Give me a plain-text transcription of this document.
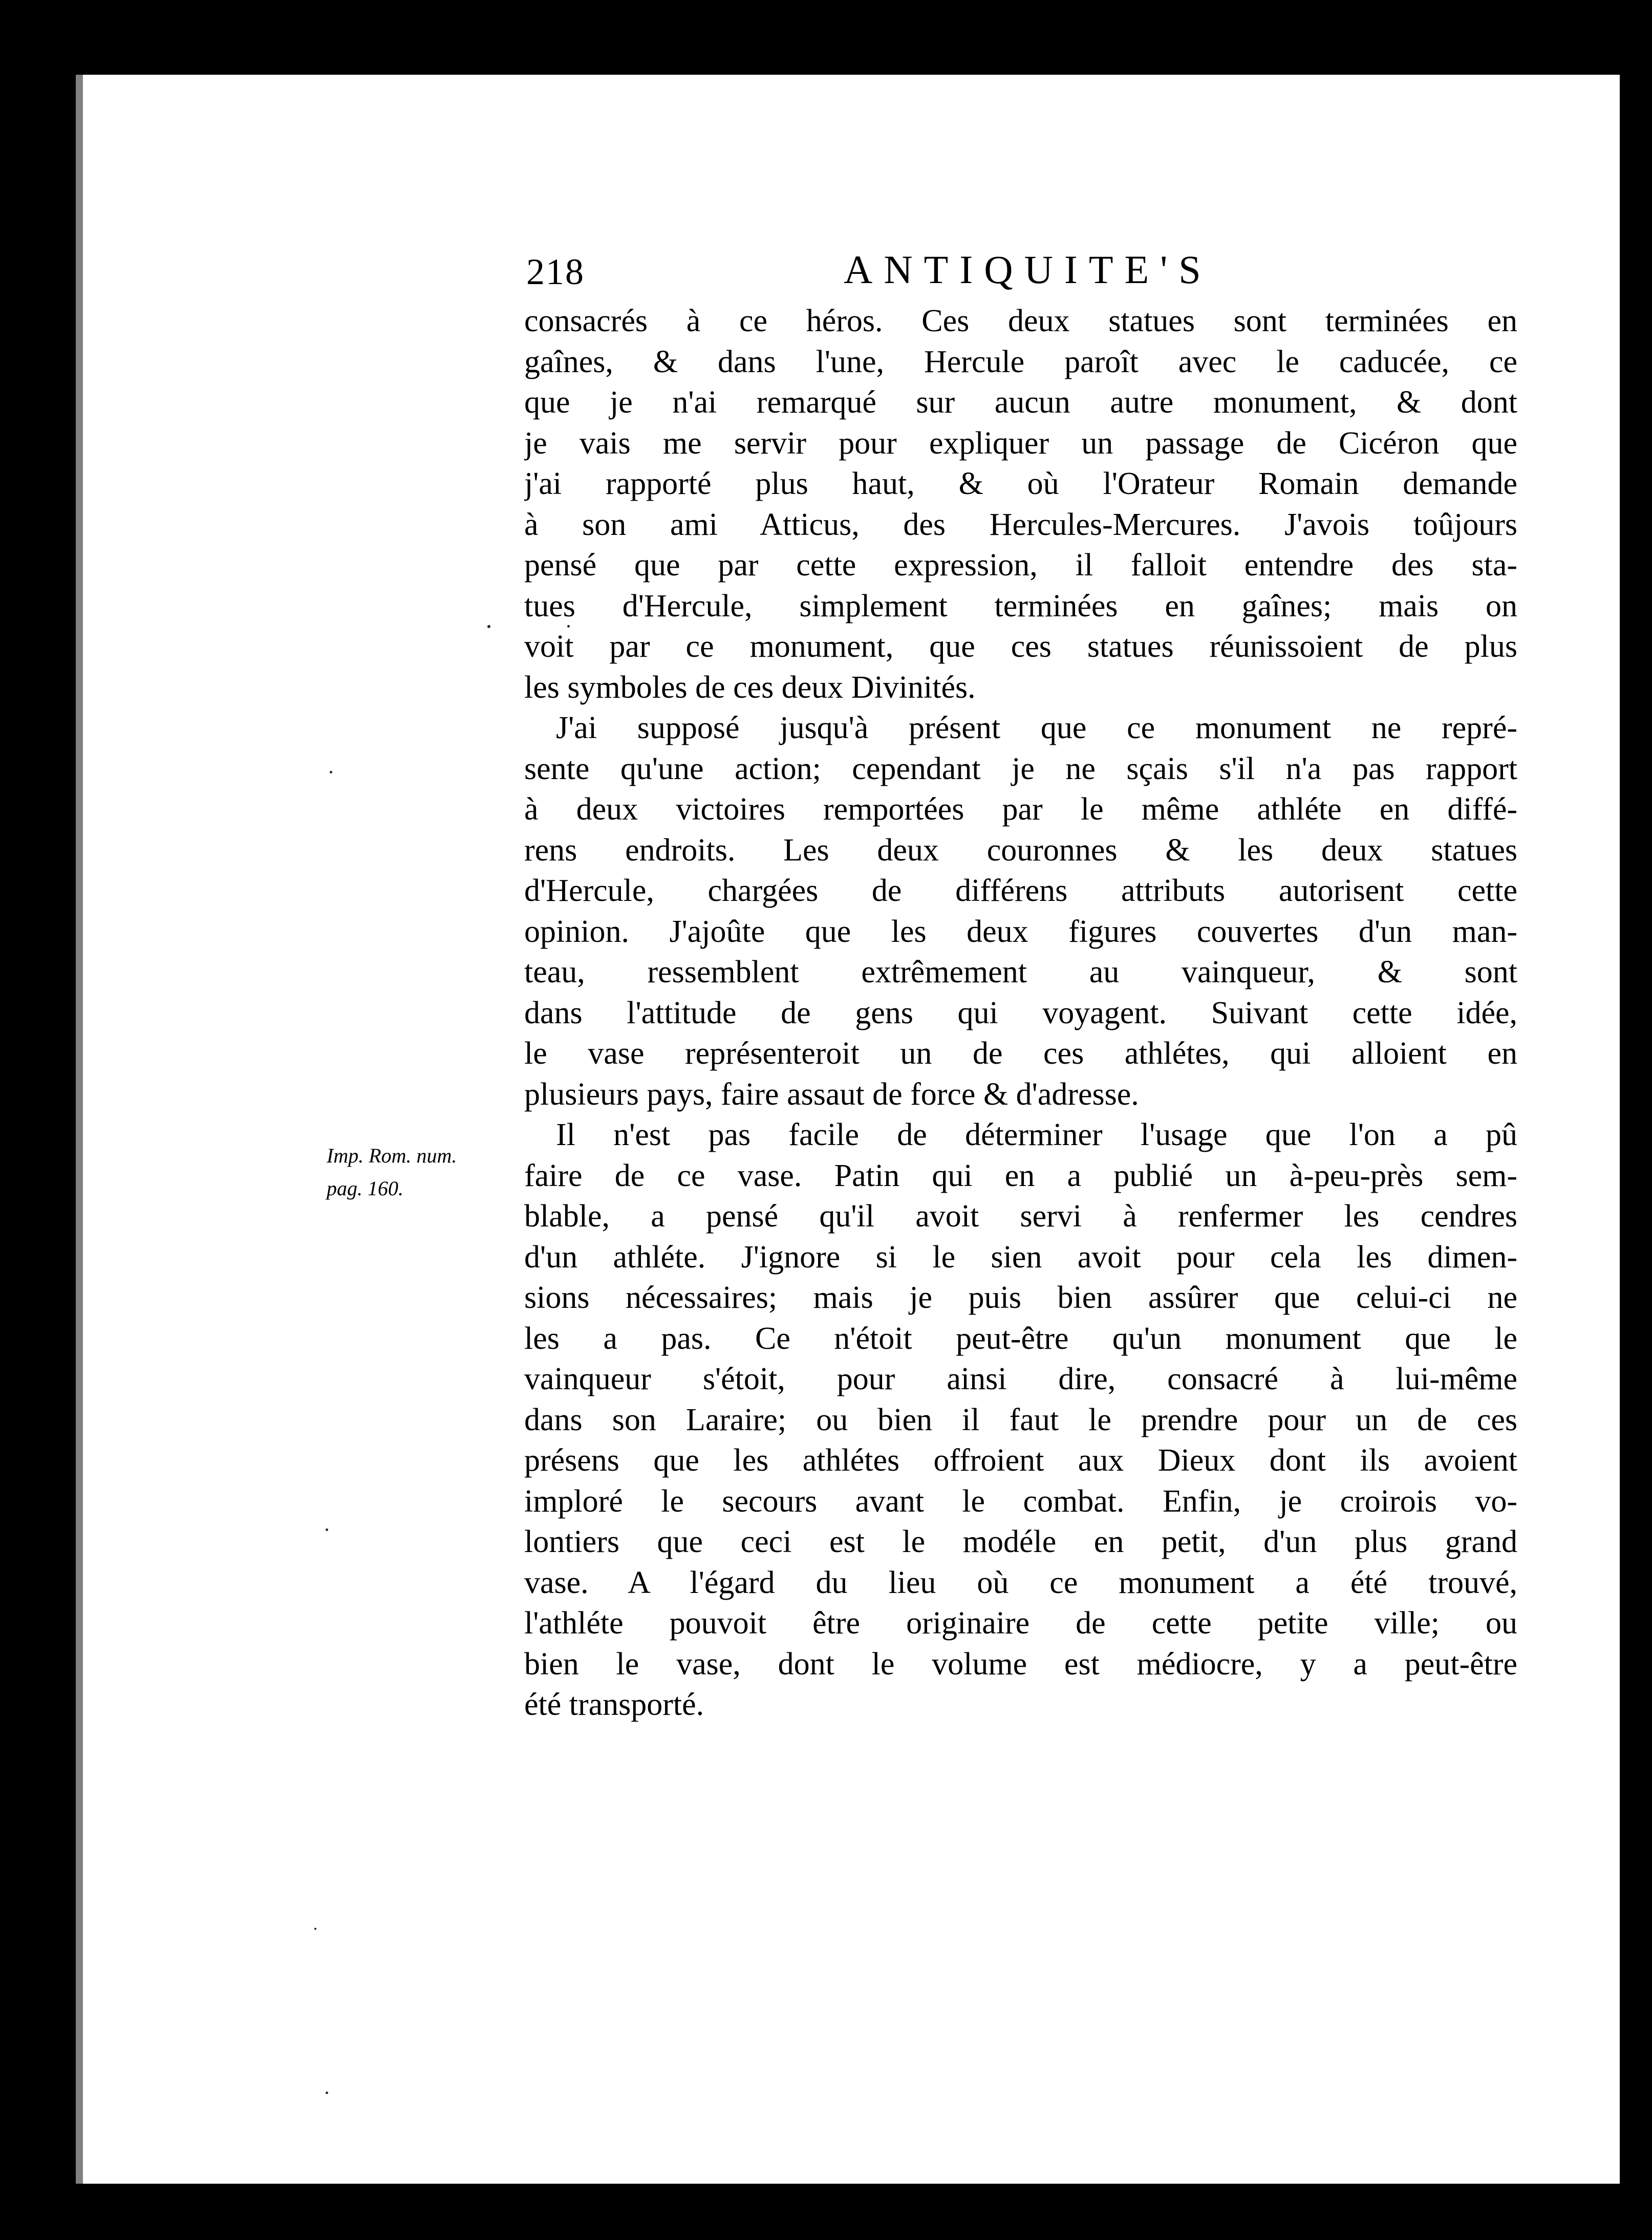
218	ANTIQUITE'S
Imp. Rom. num.
pag. 160.
consacrés à ce héros. Ces deux statues sont terminées en
gaînes, & dans l'une, Hercule paroît avec le caducée, ce
que je n'ai remarqué sur aucun autre monument, & dont
je vais me servir pour expliquer un passage de Cicéron que
j'ai rapporté plus haut, & où l'Orateur Romain demande
à son ami Atticus, des Hercules-Mercures. J'avois toûjours
pensé que par cette expression, il falloit entendre des sta-
tues d'Hercule, simplement terminées en gaînes; mais on
voit par ce monument, que ces statues réunissoient de plus
les symboles de ces deux Divinités.
J'ai supposé jusqu'à présent que ce monument ne repré-
sente qu'une action; cependant je ne sçais s'il n'a pas rapport
à deux victoires remportées par le même athléte en diffé-
rens endroits. Les deux couronnes & les deux statues
d'Hercule, chargées de différens attributs autorisent cette
opinion. J'ajoûte que les deux figures couvertes d'un man-
teau, ressemblent extrêmement au vainqueur, & sont
dans l'attitude de gens qui voyagent. Suivant cette idée,
le vase représenteroit un de ces athlétes, qui alloient en
plusieurs pays, faire assaut de force & d'adresse.
Il n'est pas facile de déterminer l'usage que l'on a pû
faire de ce vase. Patin qui en a publié un à-peu-près sem-
blable, a pensé qu'il avoit servi à renfermer les cendres
d'un athléte. J'ignore si le sien avoit pour cela les dimen-
sions nécessaires; mais je puis bien assûrer que celui-ci ne
les a pas. Ce n'étoit peut-être qu'un monument que le
vainqueur s'étoit, pour ainsi dire, consacré à lui-même
dans son Laraire; ou bien il faut le prendre pour un de ces
présens que les athlétes offroient aux Dieux dont ils avoient
imploré le secours avant le combat. Enfin, je croirois vo-
lontiers que ceci est le modéle en petit, d'un plus grand
vase. A l'égard du lieu où ce monument a été trouvé,
l'athléte pouvoit être originaire de cette petite ville; ou
bien le vase, dont le volume est médiocre, y a peut-être
été transporté.
